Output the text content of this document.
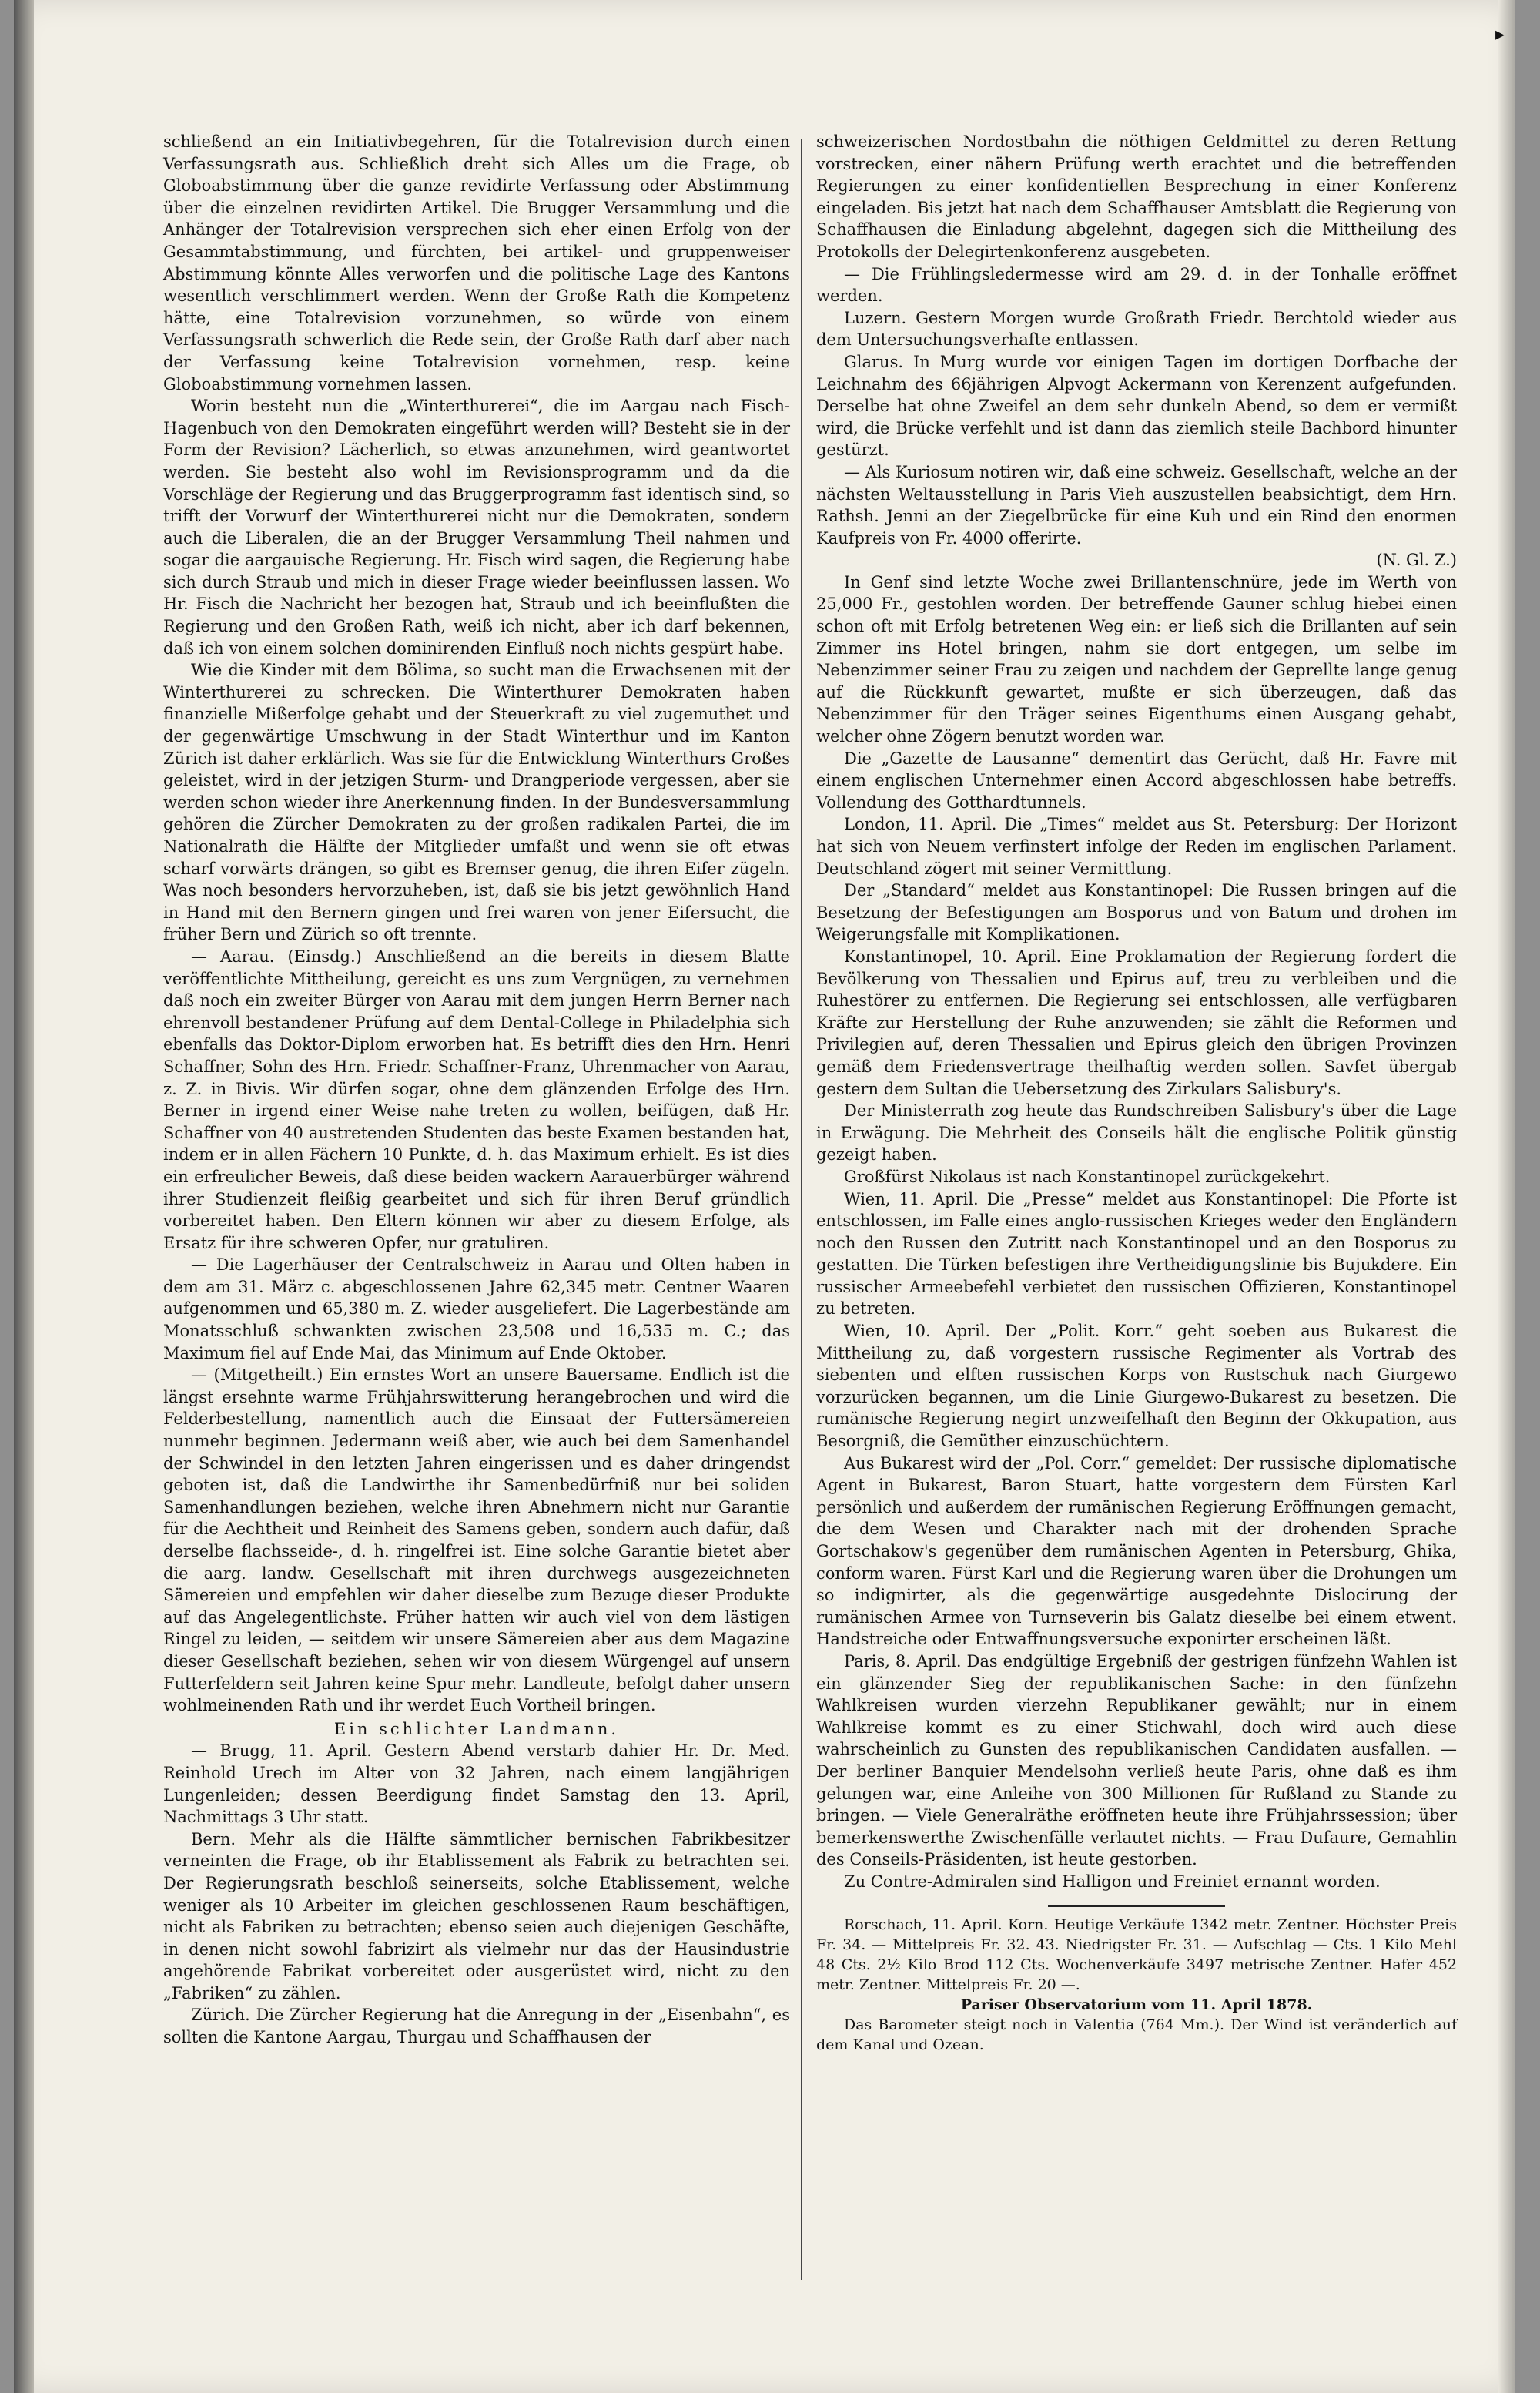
▸

schließend an ein Initiativbegehren, für die Totalrevision durch einen Verfassungsrath aus. Schließlich dreht sich Alles um die Frage, ob Globoabstimmung über die ganze revidirte Verfassung oder Abstimmung über die einzelnen revidirten Artikel. Die Brugger Versammlung und die Anhänger der Totalrevision versprechen sich eher einen Erfolg von der Gesammtabstimmung, und fürchten, bei artikel- und gruppenweiser Abstimmung könnte Alles verworfen und die politische Lage des Kantons wesentlich verschlimmert werden. Wenn der Große Rath die Kompetenz hätte, eine Totalrevision vorzunehmen, so würde von einem Verfassungsrath schwerlich die Rede sein, der Große Rath darf aber nach der Verfassung keine Totalrevision vornehmen, resp. keine Globoabstimmung vornehmen lassen.

Worin besteht nun die „Winterthurerei“, die im Aargau nach Fisch-Hagenbuch von den Demokraten eingeführt werden will? Besteht sie in der Form der Revision? Lächerlich, so etwas anzunehmen, wird geantwortet werden. Sie besteht also wohl im Revisionsprogramm und da die Vorschläge der Regierung und das Bruggerprogramm fast identisch sind, so trifft der Vorwurf der Winterthurerei nicht nur die Demokraten, sondern auch die Liberalen, die an der Brugger Versammlung Theil nahmen und sogar die aargauische Regierung. Hr. Fisch wird sagen, die Regierung habe sich durch Straub und mich in dieser Frage wieder beeinflussen lassen. Wo Hr. Fisch die Nachricht her bezogen hat, Straub und ich beeinflußten die Regierung und den Großen Rath, weiß ich nicht, aber ich darf bekennen, daß ich von einem solchen dominirenden Einfluß noch nichts gespürt habe.

Wie die Kinder mit dem Bölima, so sucht man die Erwachsenen mit der Winterthurerei zu schrecken. Die Winterthurer Demokraten haben finanzielle Mißerfolge gehabt und der Steuerkraft zu viel zugemuthet und der gegenwärtige Umschwung in der Stadt Winterthur und im Kanton Zürich ist daher erklärlich. Was sie für die Entwicklung Winterthurs Großes geleistet, wird in der jetzigen Sturm- und Drangperiode vergessen, aber sie werden schon wieder ihre Anerkennung finden. In der Bundesversammlung gehören die Zürcher Demokraten zu der großen radikalen Partei, die im Nationalrath die Hälfte der Mitglieder umfaßt und wenn sie oft etwas scharf vorwärts drängen, so gibt es Bremser genug, die ihren Eifer zügeln. Was noch besonders hervorzuheben, ist, daß sie bis jetzt gewöhnlich Hand in Hand mit den Bernern gingen und frei waren von jener Eifersucht, die früher Bern und Zürich so oft trennte.

— Aarau. (Einsdg.) Anschließend an die bereits in diesem Blatte veröffentlichte Mittheilung, gereicht es uns zum Vergnügen, zu vernehmen daß noch ein zweiter Bürger von Aarau mit dem jungen Herrn Berner nach ehrenvoll bestandener Prüfung auf dem Dental-College in Philadelphia sich ebenfalls das Doktor-Diplom erworben hat. Es betrifft dies den Hrn. Henri Schaffner, Sohn des Hrn. Friedr. Schaffner-Franz, Uhrenmacher von Aarau, z. Z. in Bivis. Wir dürfen sogar, ohne dem glänzenden Erfolge des Hrn. Berner in irgend einer Weise nahe treten zu wollen, beifügen, daß Hr. Schaffner von 40 austretenden Studenten das beste Examen bestanden hat, indem er in allen Fächern 10 Punkte, d. h. das Maximum erhielt. Es ist dies ein erfreulicher Beweis, daß diese beiden wackern Aarauerbürger während ihrer Studienzeit fleißig gearbeitet und sich für ihren Beruf gründlich vorbereitet haben. Den Eltern können wir aber zu diesem Erfolge, als Ersatz für ihre schweren Opfer, nur gratuliren.

— Die Lagerhäuser der Centralschweiz in Aarau und Olten haben in dem am 31. März c. abgeschlossenen Jahre 62,345 metr. Centner Waaren aufgenommen und 65,380 m. Z. wieder ausgeliefert. Die Lagerbestände am Monatsschluß schwankten zwischen 23,508 und 16,535 m. C.; das Maximum fiel auf Ende Mai, das Minimum auf Ende Oktober.

— (Mitgetheilt.) Ein ernstes Wort an unsere Bauersame. Endlich ist die längst ersehnte warme Frühjahrswitterung herangebrochen und wird die Felderbestellung, namentlich auch die Einsaat der Futtersämereien nunmehr beginnen. Jedermann weiß aber, wie auch bei dem Samenhandel der Schwindel in den letzten Jahren eingerissen und es daher dringendst geboten ist, daß die Landwirthe ihr Samenbedürfniß nur bei soliden Samenhandlungen beziehen, welche ihren Abnehmern nicht nur Garantie für die Aechtheit und Reinheit des Samens geben, sondern auch dafür, daß derselbe flachsseide-, d. h. ringelfrei ist. Eine solche Garantie bietet aber die aarg. landw. Gesellschaft mit ihren durchwegs ausgezeichneten Sämereien und empfehlen wir daher dieselbe zum Bezuge dieser Produkte auf das Angelegentlichste. Früher hatten wir auch viel von dem lästigen Ringel zu leiden, — seitdem wir unsere Sämereien aber aus dem Magazine dieser Gesellschaft beziehen, sehen wir von diesem Würgengel auf unsern Futterfeldern seit Jahren keine Spur mehr. Landleute, befolgt daher unsern wohlmeinenden Rath und ihr werdet Euch Vortheil bringen.

Ein schlichter Landmann.

— Brugg, 11. April. Gestern Abend verstarb dahier Hr. Dr. Med. Reinhold Urech im Alter von 32 Jahren, nach einem langjährigen Lungenleiden; dessen Beerdigung findet Samstag den 13. April, Nachmittags 3 Uhr statt.

Bern. Mehr als die Hälfte sämmtlicher bernischen Fabrikbesitzer verneinten die Frage, ob ihr Etablissement als Fabrik zu betrachten sei. Der Regierungsrath beschloß seinerseits, solche Etablissement, welche weniger als 10 Arbeiter im gleichen geschlossenen Raum beschäftigen, nicht als Fabriken zu betrachten; ebenso seien auch diejenigen Geschäfte, in denen nicht sowohl fabrizirt als vielmehr nur das der Hausindustrie angehörende Fabrikat vorbereitet oder ausgerüstet wird, nicht zu den „Fabriken“ zu zählen.

Zürich. Die Zürcher Regierung hat die Anregung in der „Eisenbahn“, es sollten die Kantone Aargau, Thurgau und Schaffhausen der

schweizerischen Nordostbahn die nöthigen Geldmittel zu deren Rettung vorstrecken, einer nähern Prüfung werth erachtet und die betreffenden Regierungen zu einer konfidentiellen Besprechung in einer Konferenz eingeladen. Bis jetzt hat nach dem Schaffhauser Amtsblatt die Regierung von Schaffhausen die Einladung abgelehnt, dagegen sich die Mittheilung des Protokolls der Delegirtenkonferenz ausgebeten.

— Die Frühlingsledermesse wird am 29. d. in der Tonhalle eröffnet werden.

Luzern. Gestern Morgen wurde Großrath Friedr. Berchtold wieder aus dem Untersuchungsverhafte entlassen.

Glarus. In Murg wurde vor einigen Tagen im dortigen Dorfbache der Leichnahm des 66jährigen Alpvogt Ackermann von Kerenzent aufgefunden. Derselbe hat ohne Zweifel an dem sehr dunkeln Abend, so dem er vermißt wird, die Brücke verfehlt und ist dann das ziemlich steile Bachbord hinunter gestürzt.

— Als Kuriosum notiren wir, daß eine schweiz. Gesellschaft, welche an der nächsten Weltausstellung in Paris Vieh auszustellen beabsichtigt, dem Hrn. Rathsh. Jenni an der Ziegelbrücke für eine Kuh und ein Rind den enormen Kaufpreis von Fr. 4000 offerirte.

(N. Gl. Z.)

In Genf sind letzte Woche zwei Brillantenschnüre, jede im Werth von 25,000 Fr., gestohlen worden. Der betreffende Gauner schlug hiebei einen schon oft mit Erfolg betretenen Weg ein: er ließ sich die Brillanten auf sein Zimmer ins Hotel bringen, nahm sie dort entgegen, um selbe im Nebenzimmer seiner Frau zu zeigen und nachdem der Geprellte lange genug auf die Rückkunft gewartet, mußte er sich überzeugen, daß das Nebenzimmer für den Träger seines Eigenthums einen Ausgang gehabt, welcher ohne Zögern benutzt worden war.

Die „Gazette de Lausanne“ dementirt das Gerücht, daß Hr. Favre mit einem englischen Unternehmer einen Accord abgeschlossen habe betreffs. Vollendung des Gotthardtunnels.

London, 11. April. Die „Times“ meldet aus St. Petersburg: Der Horizont hat sich von Neuem verfinstert infolge der Reden im englischen Parlament. Deutschland zögert mit seiner Vermittlung.

Der „Standard“ meldet aus Konstantinopel: Die Russen bringen auf die Besetzung der Befestigungen am Bosporus und von Batum und drohen im Weigerungsfalle mit Komplikationen.

Konstantinopel, 10. April. Eine Proklamation der Regierung fordert die Bevölkerung von Thessalien und Epirus auf, treu zu verbleiben und die Ruhestörer zu entfernen. Die Regierung sei entschlossen, alle verfügbaren Kräfte zur Herstellung der Ruhe anzuwenden; sie zählt die Reformen und Privilegien auf, deren Thessalien und Epirus gleich den übrigen Provinzen gemäß dem Friedensvertrage theilhaftig werden sollen. Savfet übergab gestern dem Sultan die Uebersetzung des Zirkulars Salisbury's.

Der Ministerrath zog heute das Rundschreiben Salisbury's über die Lage in Erwägung. Die Mehrheit des Conseils hält die englische Politik günstig gezeigt haben.

Großfürst Nikolaus ist nach Konstantinopel zurückgekehrt.

Wien, 11. April. Die „Presse“ meldet aus Konstantinopel: Die Pforte ist entschlossen, im Falle eines anglo-russischen Krieges weder den Engländern noch den Russen den Zutritt nach Konstantinopel und an den Bosporus zu gestatten. Die Türken befestigen ihre Vertheidigungslinie bis Bujukdere. Ein russischer Armeebefehl verbietet den russischen Offizieren, Konstantinopel zu betreten.

Wien, 10. April. Der „Polit. Korr.“ geht soeben aus Bukarest die Mittheilung zu, daß vorgestern russische Regimenter als Vortrab des siebenten und elften russischen Korps von Rustschuk nach Giurgewo vorzurücken begannen, um die Linie Giurgewo-Bukarest zu besetzen. Die rumänische Regierung negirt unzweifelhaft den Beginn der Okkupation, aus Besorgniß, die Gemüther einzuschüchtern.

Aus Bukarest wird der „Pol. Corr.“ gemeldet: Der russische diplomatische Agent in Bukarest, Baron Stuart, hatte vorgestern dem Fürsten Karl persönlich und außerdem der rumänischen Regierung Eröffnungen gemacht, die dem Wesen und Charakter nach mit der drohenden Sprache Gortschakow's gegenüber dem rumänischen Agenten in Petersburg, Ghika, conform waren. Fürst Karl und die Regierung waren über die Drohungen um so indignirter, als die gegenwärtige ausgedehnte Dislocirung der rumänischen Armee von Turnseverin bis Galatz dieselbe bei einem etwent. Handstreiche oder Entwaffnungsversuche exponirter erscheinen läßt.

Paris, 8. April. Das endgültige Ergebniß der gestrigen fünfzehn Wahlen ist ein glänzender Sieg der republikanischen Sache: in den fünfzehn Wahlkreisen wurden vierzehn Republikaner gewählt; nur in einem Wahlkreise kommt es zu einer Stichwahl, doch wird auch diese wahrscheinlich zu Gunsten des republikanischen Candidaten ausfallen. — Der berliner Banquier Mendelsohn verließ heute Paris, ohne daß es ihm gelungen war, eine Anleihe von 300 Millionen für Rußland zu Stande zu bringen. — Viele Generalräthe eröffneten heute ihre Frühjahrssession; über bemerkenswerthe Zwischenfälle verlautet nichts. — Frau Dufaure, Gemahlin des Conseils-Präsidenten, ist heute gestorben.

Zu Contre-Admiralen sind Halligon und Freiniet ernannt worden.

Rorschach, 11. April. Korn. Heutige Verkäufe 1342 metr. Zentner. Höchster Preis Fr. 34. — Mittelpreis Fr. 32. 43. Niedrigster Fr. 31. — Aufschlag — Cts. 1 Kilo Mehl 48 Cts. 2½ Kilo Brod 112 Cts. Wochenverkäufe 3497 metrische Zentner. Hafer 452 metr. Zentner. Mittelpreis Fr. 20 —.

Pariser Observatorium vom 11. April 1878.

Das Barometer steigt noch in Valentia (764 Mm.). Der Wind ist veränderlich auf dem Kanal und Ozean.
